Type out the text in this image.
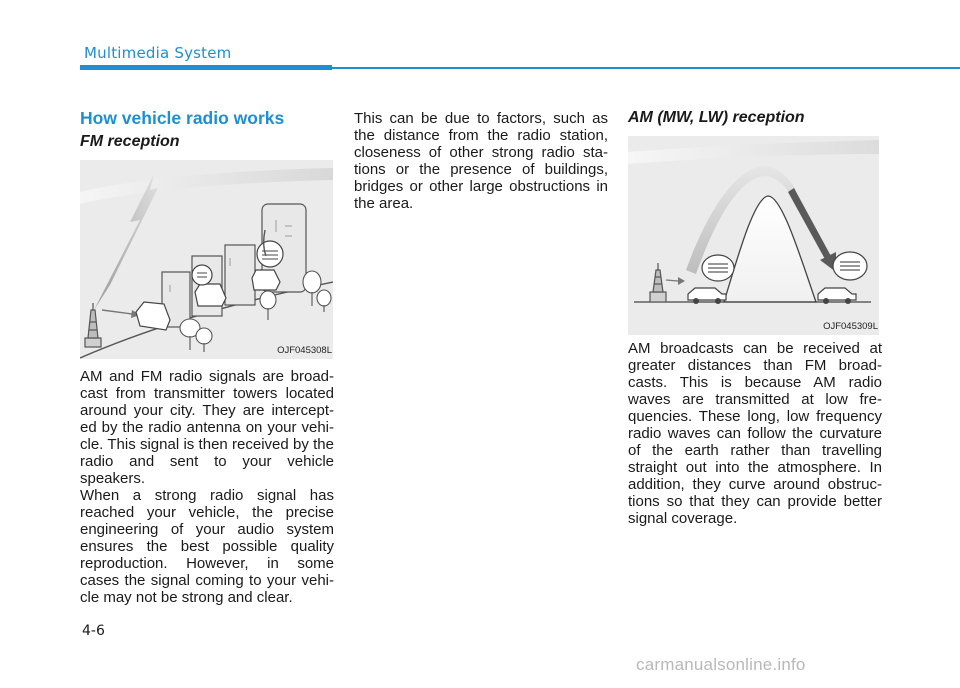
Multimedia System
How vehicle radio works
FM reception
OJF045308L
AM and FM radio signals are broad-cast from transmitter towers located around your city. They are intercept-ed by the radio antenna on your vehi-cle. This signal is then received by the radio and sent to your vehicle speakers.
When a strong radio signal has reached your vehicle, the precise engineering of your audio system ensures the best possible quality reproduction. However, in some cases the signal coming to your vehi-cle may not be strong and clear.
This can be due to factors, such as the distance from the radio station, closeness of other strong radio sta-tions or the presence of buildings, bridges or other large obstructions in the area.
AM (MW, LW) reception
OJF045309L
AM broadcasts can be received at greater distances than FM broad-casts. This is because AM radio waves are transmitted at low fre-quencies. These long, low frequency radio waves can follow the curvature of the earth rather than travelling straight out into the atmosphere. In addition, they curve around obstruc-tions so that they can provide better signal coverage.
4-6
carmanualsonline.info
